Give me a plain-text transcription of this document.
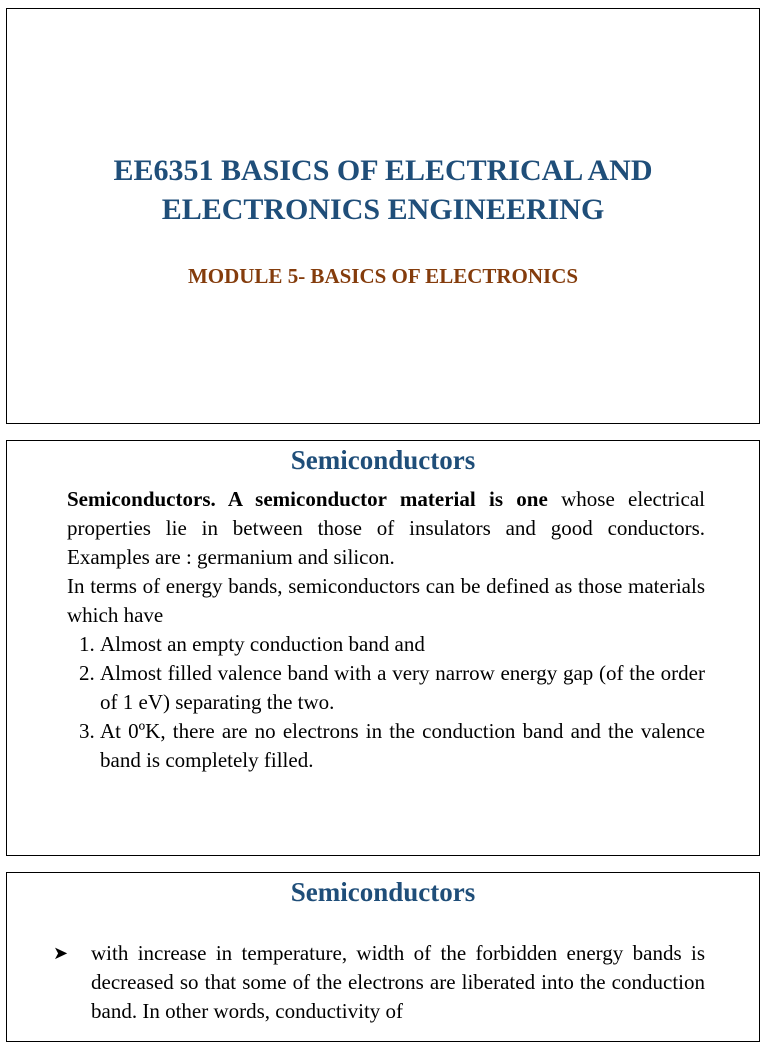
EE6351 BASICS OF ELECTRICAL AND
ELECTRONICS ENGINEERING
MODULE 5- BASICS OF ELECTRONICS
Semiconductors

Semiconductors. A semiconductor material is one whose electrical properties lie in between those of insulators and good conductors. Examples are : germanium and silicon.

In terms of energy bands, semiconductors can be defined as those materials which have

1. Almost an empty conduction band and
2. Almost filled valence band with a very narrow energy gap (of the order of 1 eV) separating the two.
3. At 0ºK, there are no electrons in the conduction band and the valence band is completely filled.
Semiconductors
➤	with increase in temperature, width of the forbidden energy bands is decreased so that some of the electrons are liberated into the conduction band. In other words, conductivity of
